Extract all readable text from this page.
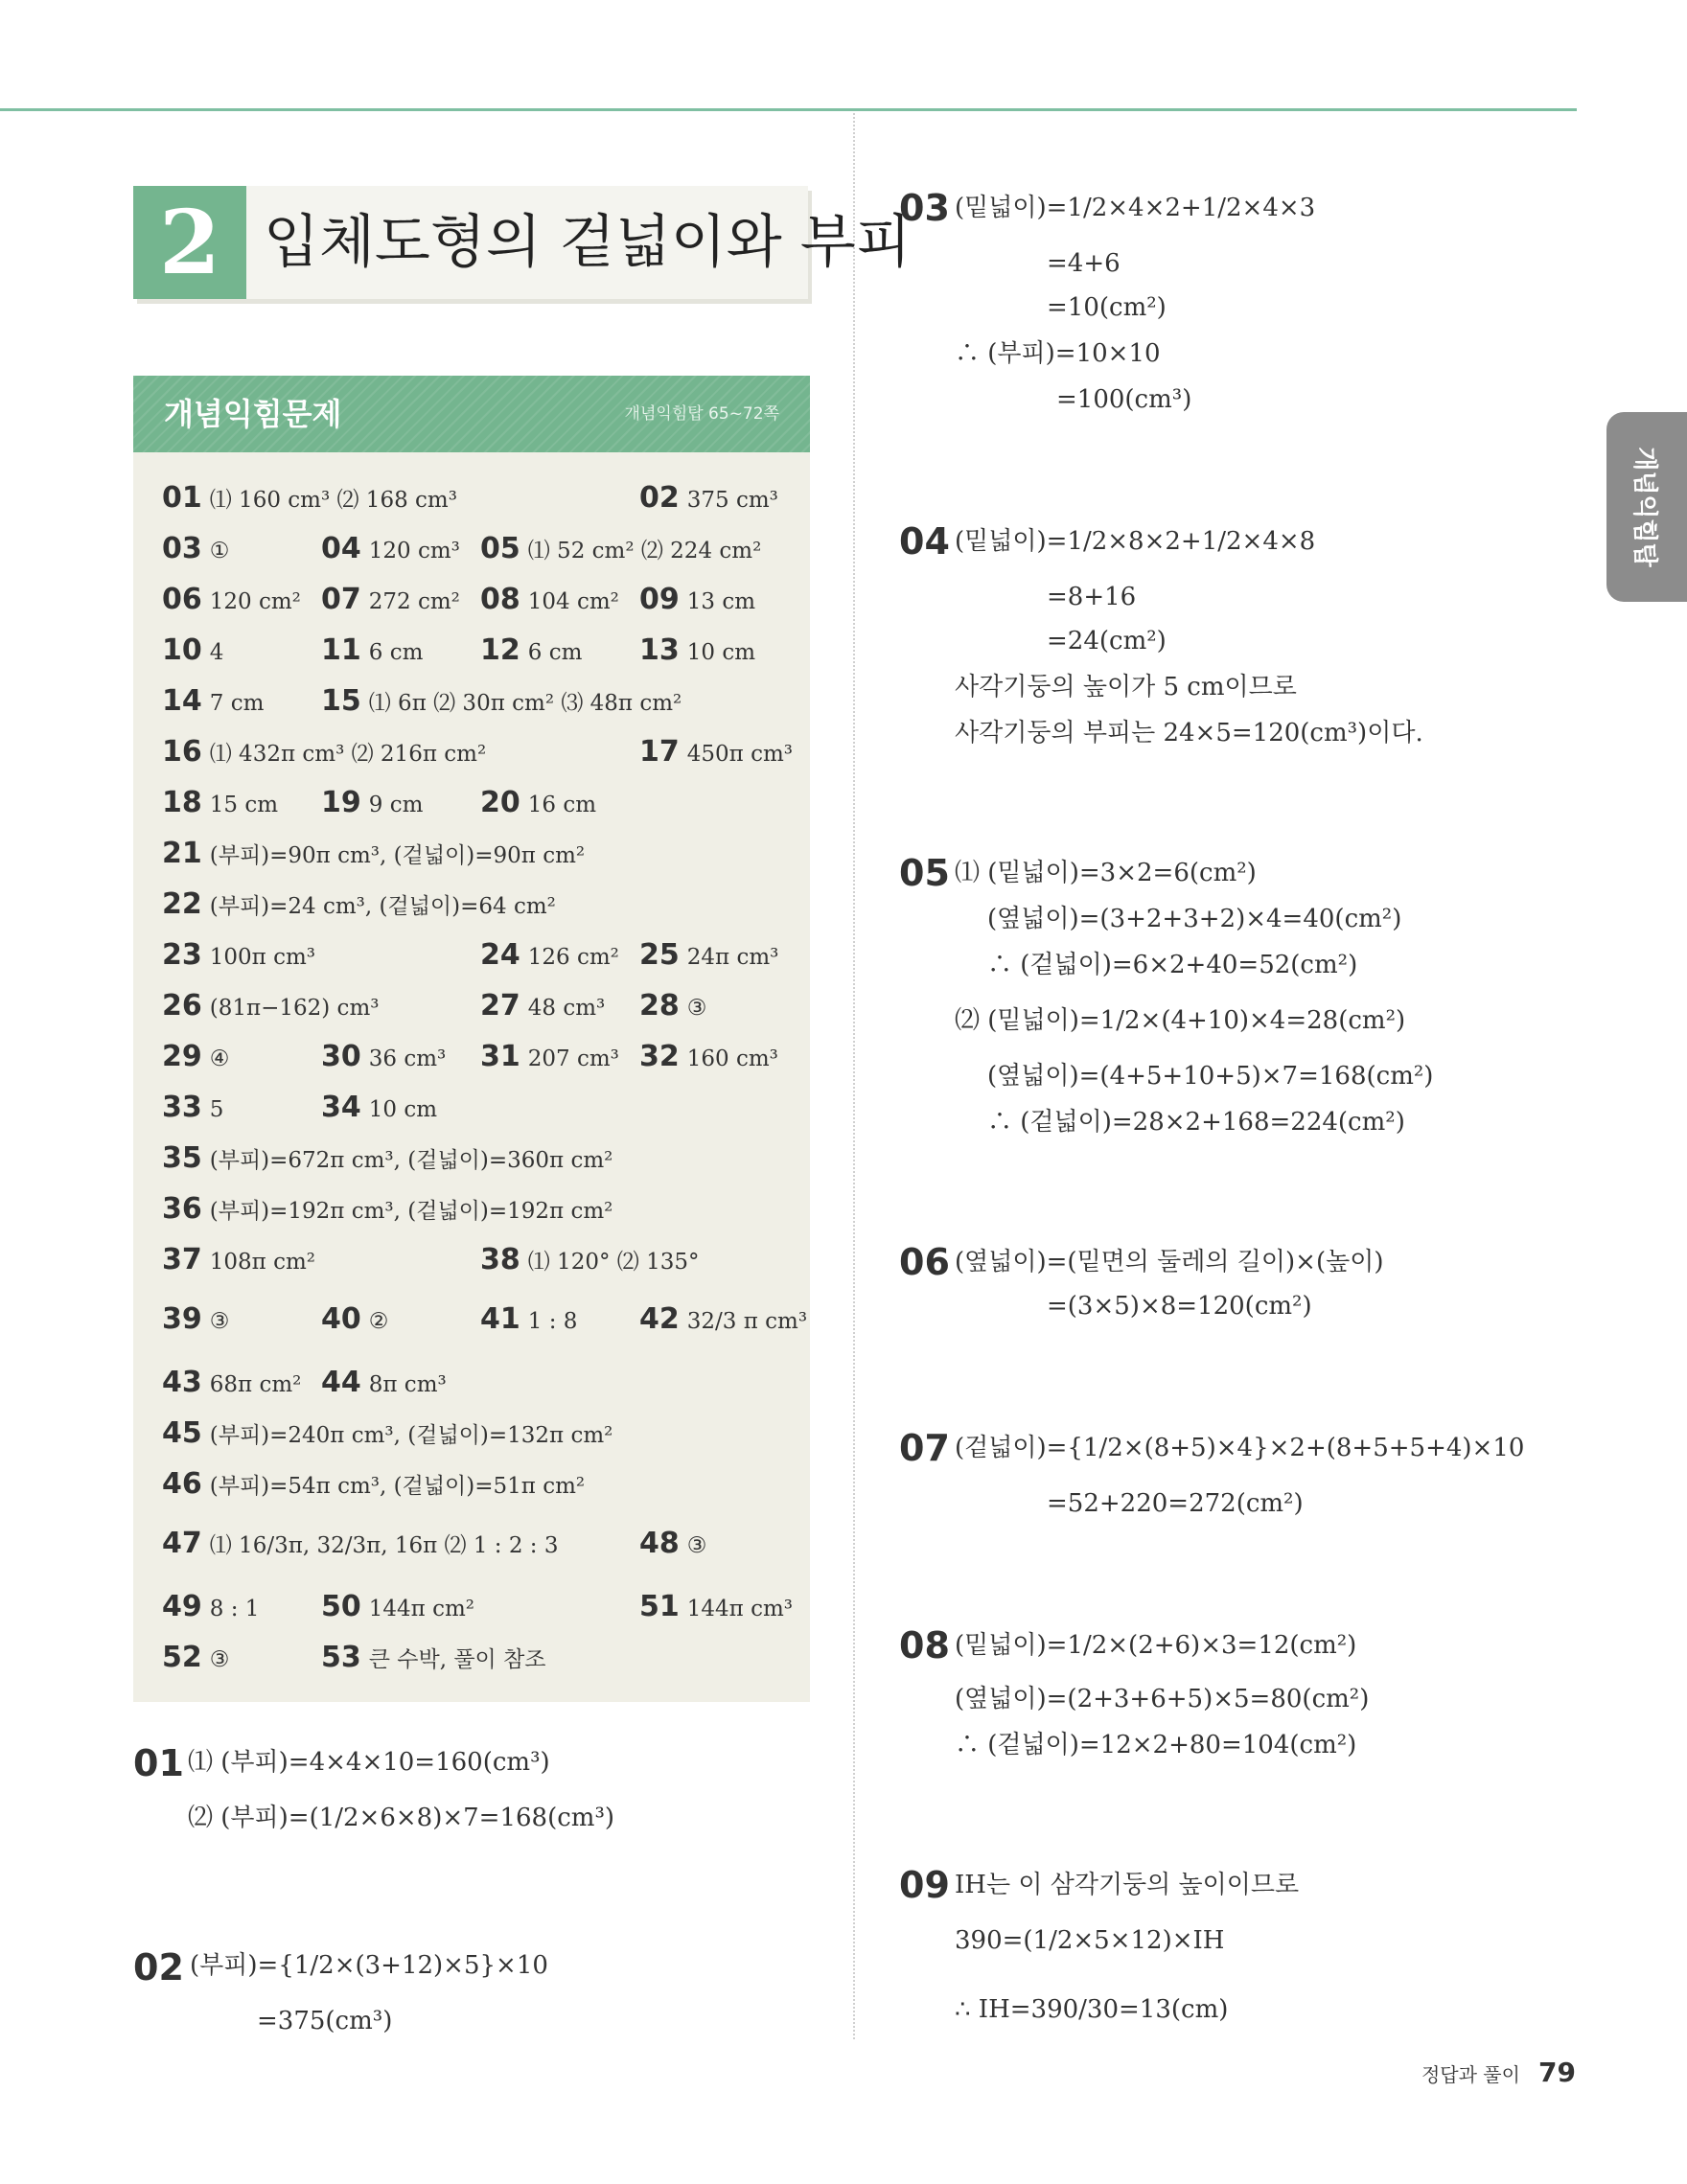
2 입체도형의 겉넓이와 부피
개념익힘문제	개념익힘탑 65~72쪽
01 ⑴ 160 cm³ ⑵ 168 cm³	02 375 cm³
03 ①	04 120 cm³ 05 ⑴ 52 cm² ⑵ 224 cm²
06 120 cm² 07 272 cm² 08 104 cm² 09 13 cm
10 4	11 6 cm 12 6 cm 13 10 cm
14 7 cm 15 ⑴ 6π ⑵ 30π cm² ⑶ 48π cm²
16 ⑴ 432π cm³ ⑵ 216π cm²	17 450π cm³
18 15 cm 19 9 cm 20 16 cm
21 (부피)=90π cm³, (겉넓이)=90π cm²
22 (부피)=24 cm³, (겉넓이)=64 cm²
23 100π cm³	24 126 cm² 25 24π cm³
26 (81π−162) cm³	27 48 cm³ 28 ③
29 ④	30 36 cm³ 31 207 cm³ 32 160 cm³
33 5	34 10 cm
35 (부피)=672π cm³, (겉넓이)=360π cm²
36 (부피)=192π cm³, (겉넓이)=192π cm²
37 108π cm²	38 ⑴ 120° ⑵ 135°
39 ③	40 ②	41 1 : 8 42 32/3 π cm³
43 68π cm² 44 8π cm³
45 (부피)=240π cm³, (겉넓이)=132π cm²
46 (부피)=54π cm³, (겉넓이)=51π cm²
47 ⑴ 16/3π, 32/3π, 16π ⑵ 1 : 2 : 3	48 ③
49 8 : 1 50 144π cm²	51 144π cm³
52 ③	53 큰 수박, 풀이 참조
01 ⑴ (부피)=4×4×10=160(cm³)
⑵ (부피)=(1/2×6×8)×7=168(cm³)
02 (부피)={1/2×(3+12)×5}×10
=375(cm³)
03 (밑넓이)=1/2×4×2+1/2×4×3
=4+6
=10(cm²)
∴ (부피)=10×10
=100(cm³)
04 (밑넓이)=1/2×8×2+1/2×4×8
=8+16
=24(cm²)
사각기둥의 높이가 5 cm이므로
사각기둥의 부피는 24×5=120(cm³)이다.
05 ⑴ (밑넓이)=3×2=6(cm²)
(옆넓이)=(3+2+3+2)×4=40(cm²)
∴ (겉넓이)=6×2+40=52(cm²)
⑵ (밑넓이)=1/2×(4+10)×4=28(cm²)
(옆넓이)=(4+5+10+5)×7=168(cm²)
∴ (겉넓이)=28×2+168=224(cm²)
06 (옆넓이)=(밑면의 둘레의 길이)×(높이)
=(3×5)×8=120(cm²)
07 (겉넓이)={1/2×(8+5)×4}×2+(8+5+5+4)×10
=52+220=272(cm²)
08 (밑넓이)=1/2×(2+6)×3=12(cm²)
(옆넓이)=(2+3+6+5)×5=80(cm²)
∴ (겉넓이)=12×2+80=104(cm²)
09 IH는 이 삼각기둥의 높이이므로
390=(1/2×5×12)×IH
∴ IH=390/30=13(cm)
개념익힘탑
정답과 풀이 79
